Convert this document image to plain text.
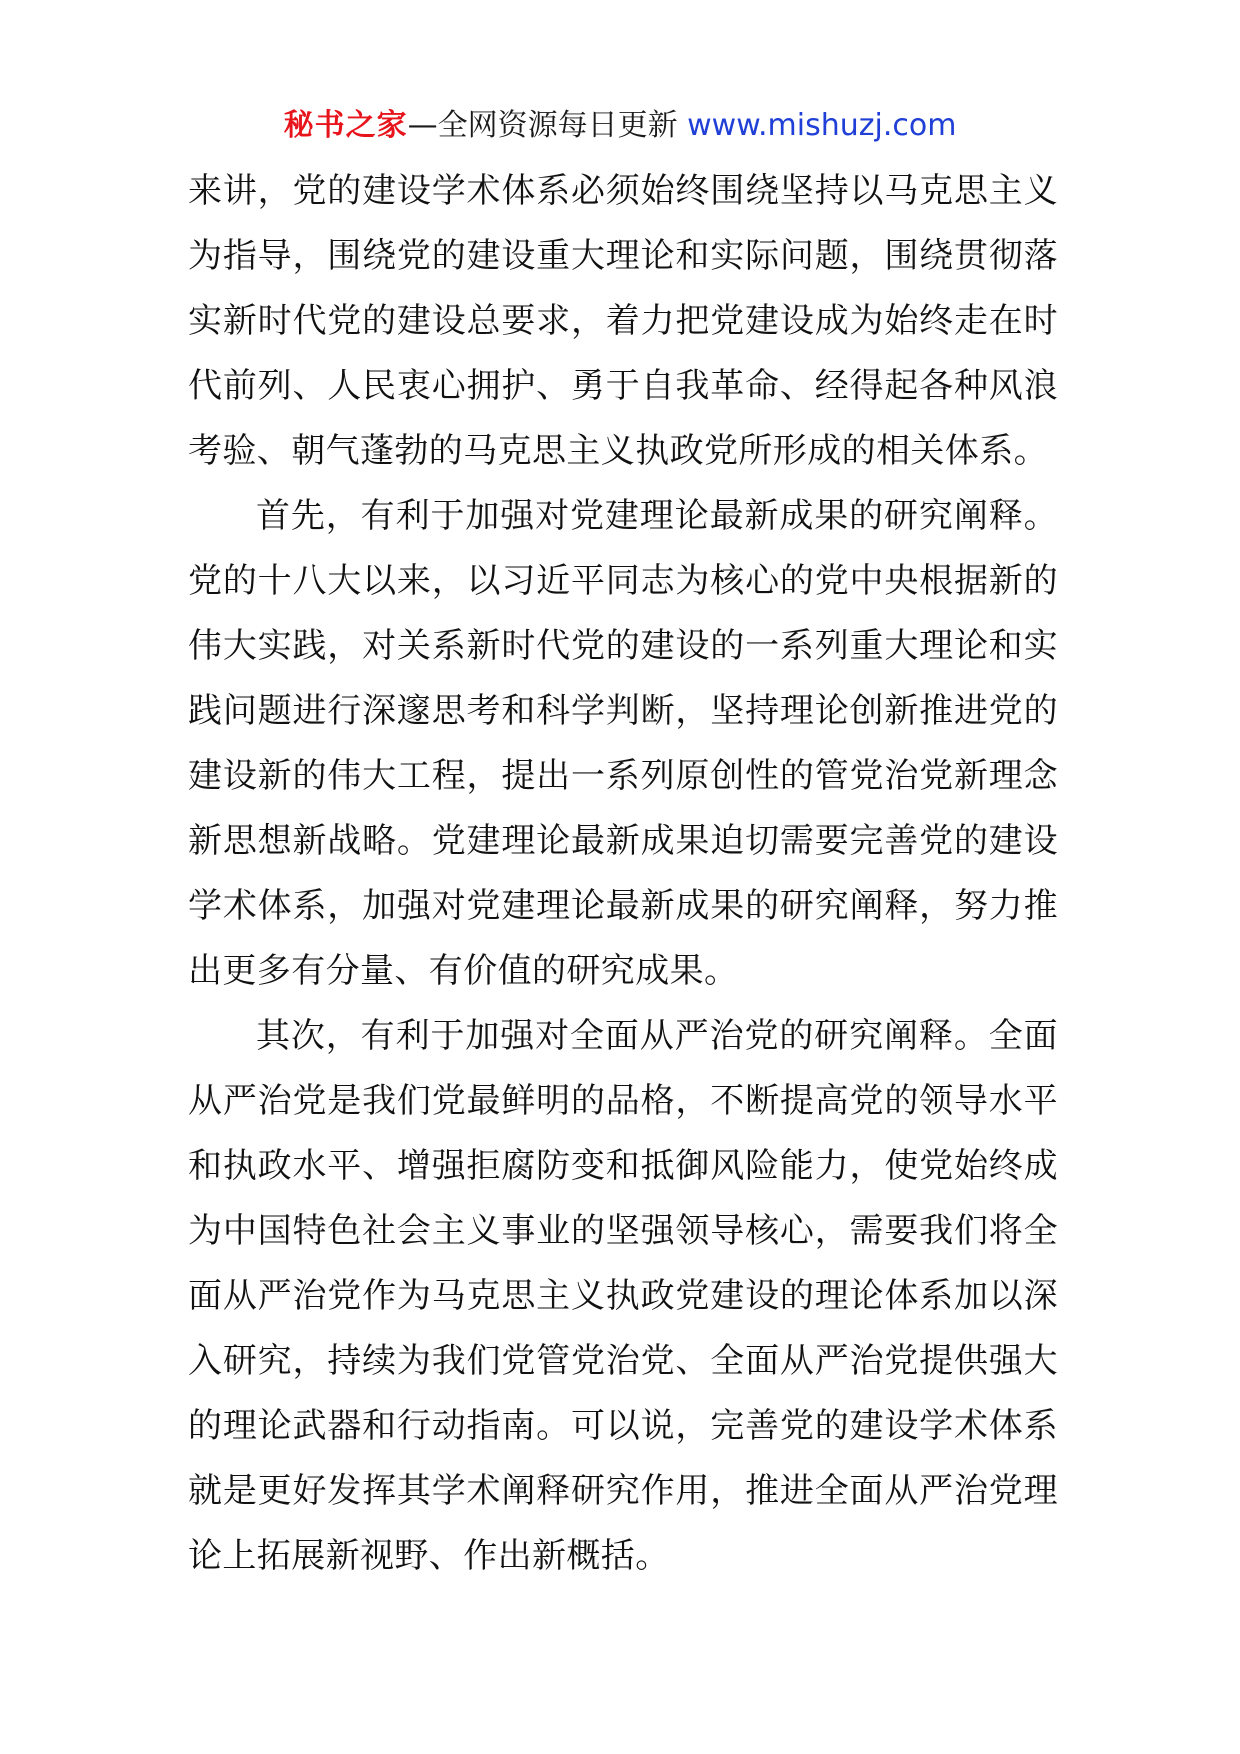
秘书之家—全网资源每日更新 www.mishuzj.com

来讲，党的建设学术体系必须始终围绕坚持以马克思主义为指导，围绕党的建设重大理论和实际问题，围绕贯彻落实新时代党的建设总要求，着力把党建设成为始终走在时代前列、人民衷心拥护、勇于自我革命、经得起各种风浪考验、朝气蓬勃的马克思主义执政党所形成的相关体系。

首先，有利于加强对党建理论最新成果的研究阐释。党的十八大以来，以习近平同志为核心的党中央根据新的伟大实践，对关系新时代党的建设的一系列重大理论和实践问题进行深邃思考和科学判断，坚持理论创新推进党的建设新的伟大工程，提出一系列原创性的管党治党新理念新思想新战略。党建理论最新成果迫切需要完善党的建设学术体系，加强对党建理论最新成果的研究阐释，努力推出更多有分量、有价值的研究成果。

其次，有利于加强对全面从严治党的研究阐释。全面从严治党是我们党最鲜明的品格，不断提高党的领导水平和执政水平、增强拒腐防变和抵御风险能力，使党始终成为中国特色社会主义事业的坚强领导核心，需要我们将全面从严治党作为马克思主义执政党建设的理论体系加以深入研究，持续为我们党管党治党、全面从严治党提供强大的理论武器和行动指南。可以说，完善党的建设学术体系就是更好发挥其学术阐释研究作用，推进全面从严治党理论上拓展新视野、作出新概括。
